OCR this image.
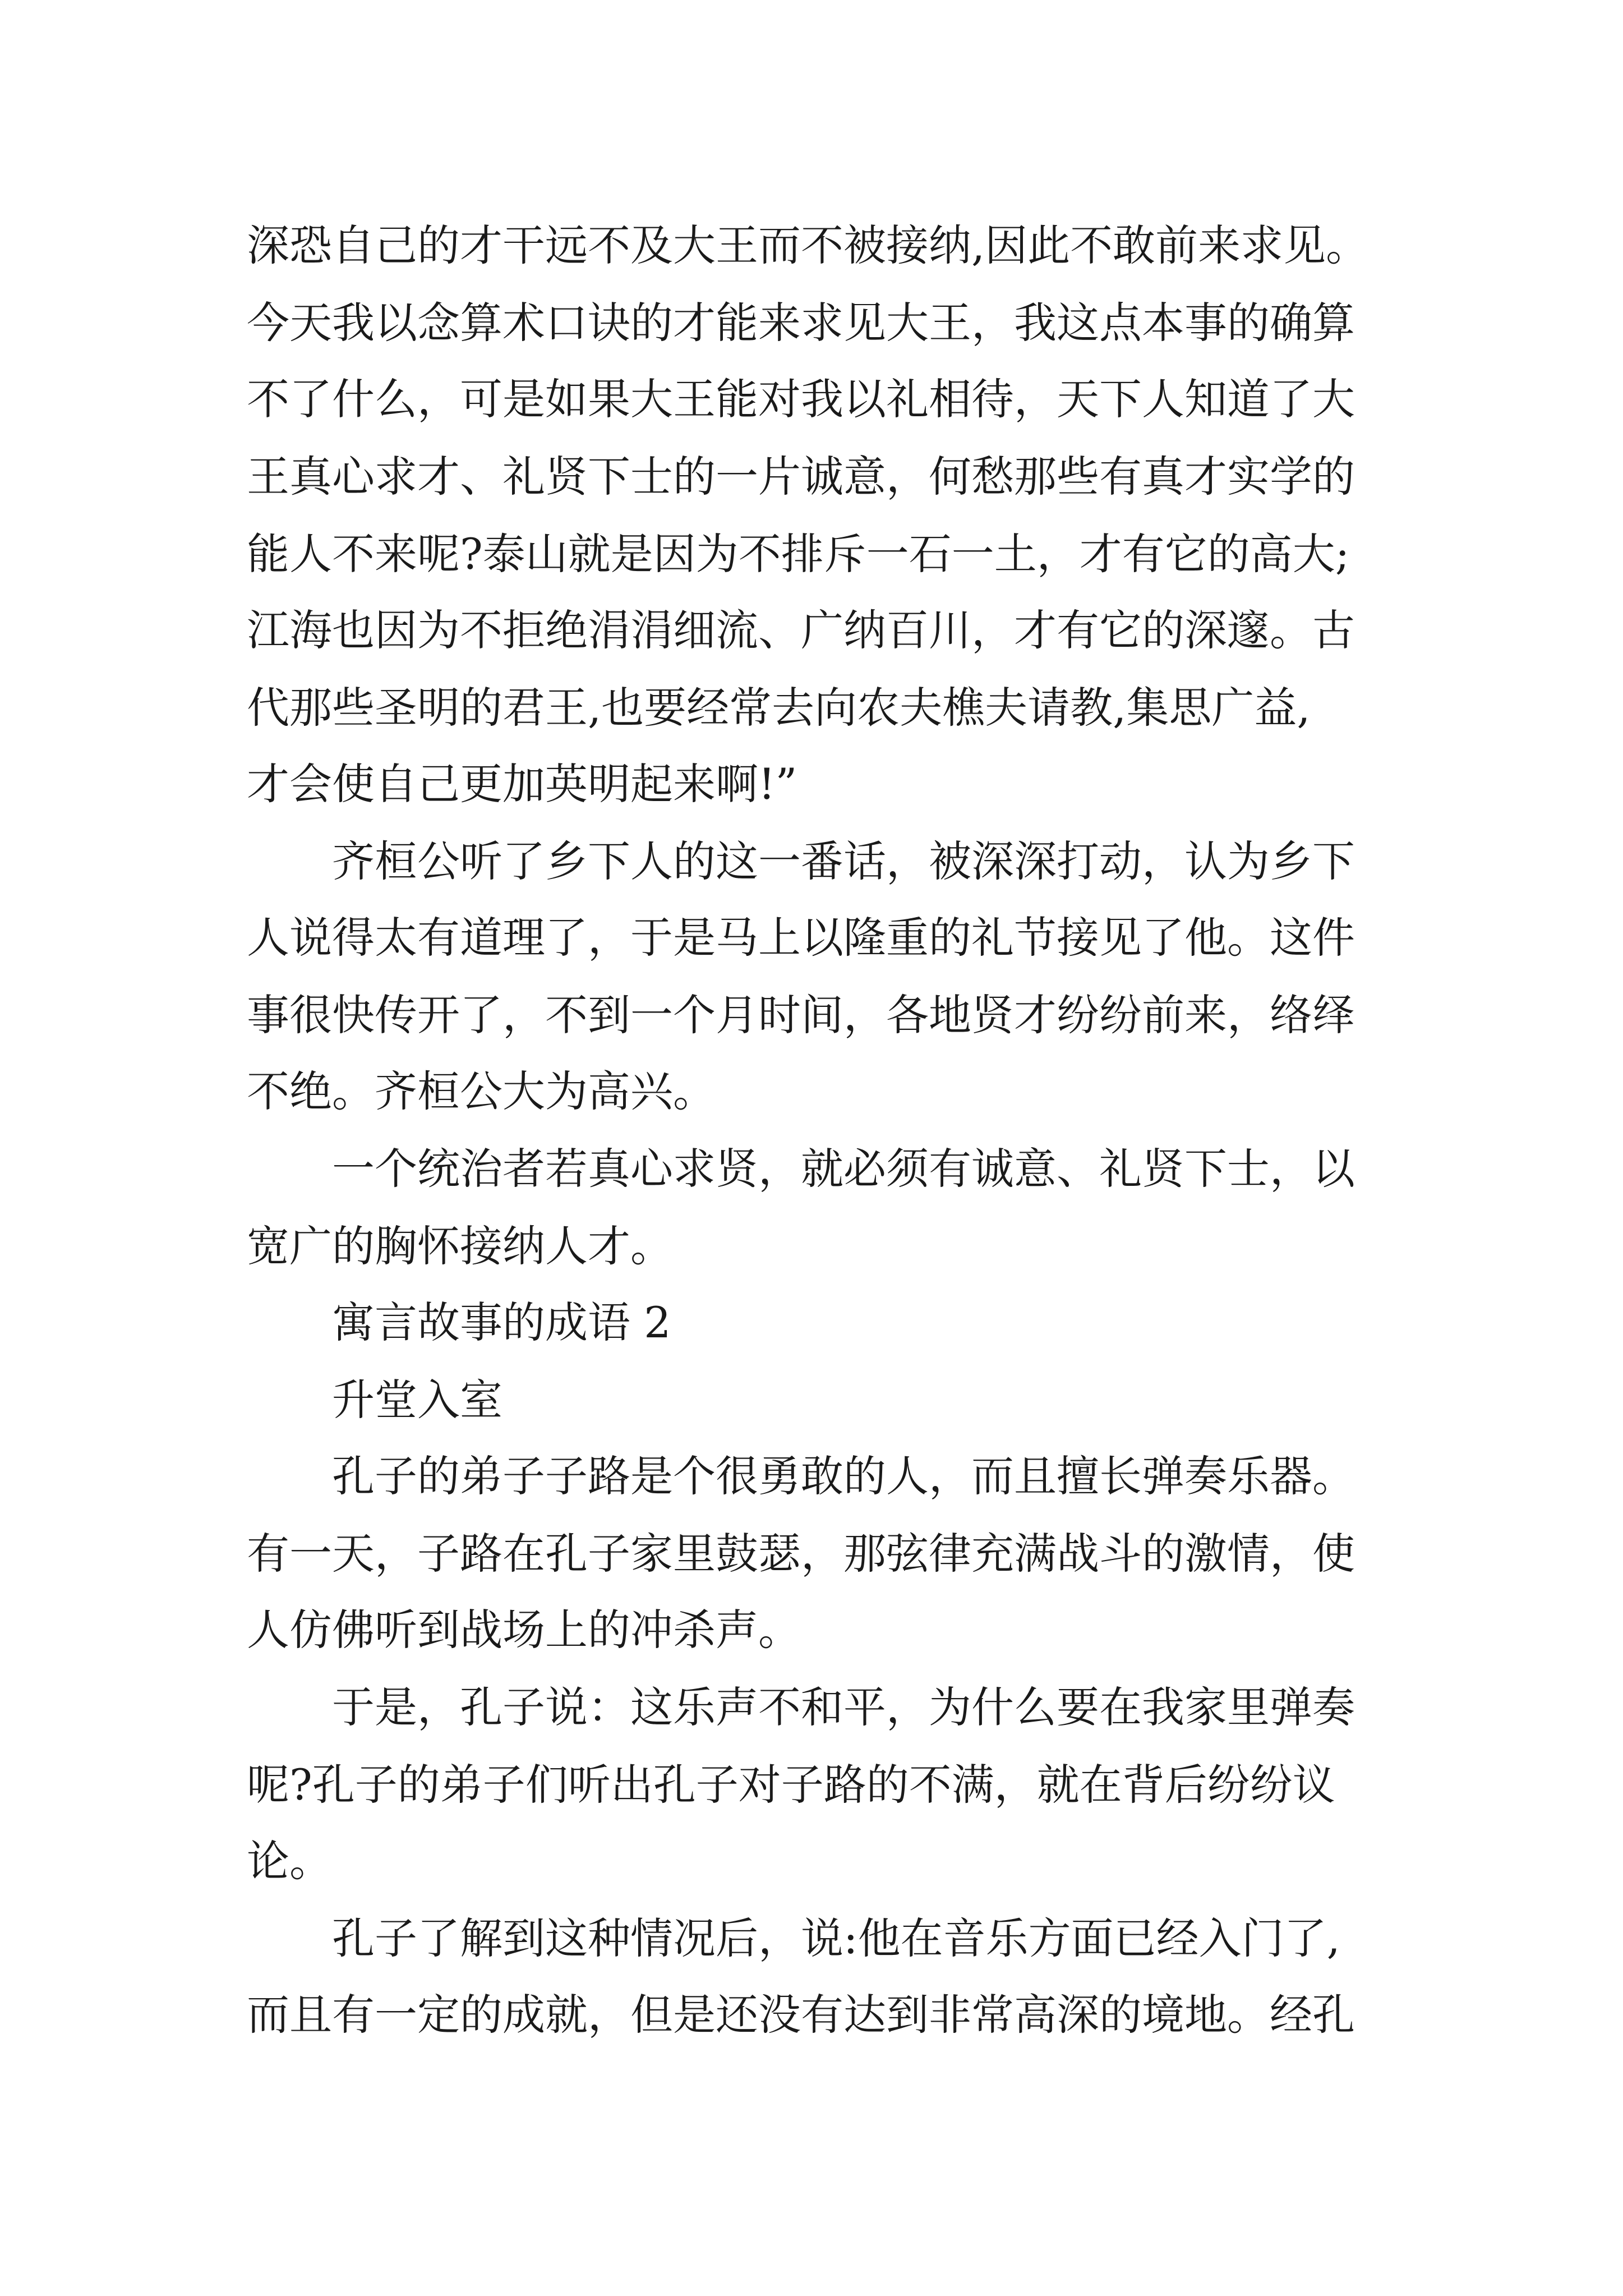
深恐自己的才干远不及大王而不被接纳,因此不敢前来求见。
今天我以念算术口诀的才能来求见大王，我这点本事的确算
不了什么，可是如果大王能对我以礼相待，天下人知道了大
王真心求才、礼贤下士的一片诚意，何愁那些有真才实学的
能人不来呢?泰山就是因为不排斥一石一土，才有它的高大;
江海也因为不拒绝涓涓细流、广纳百川，才有它的深邃。古
代那些圣明的君王,也要经常去向农夫樵夫请教,集思广益,
才会使自己更加英明起来啊!”
齐桓公听了乡下人的这一番话，被深深打动，认为乡下
人说得太有道理了，于是马上以隆重的礼节接见了他。这件
事很快传开了，不到一个月时间，各地贤才纷纷前来，络绎
不绝。齐桓公大为高兴。
一个统治者若真心求贤，就必须有诚意、礼贤下士，以
宽广的胸怀接纳人才。
寓言故事的成语 2
升堂入室
孔子的弟子子路是个很勇敢的人，而且擅长弹奏乐器。
有一天，子路在孔子家里鼓瑟，那弦律充满战斗的激情，使
人仿佛听到战场上的冲杀声。
于是，孔子说：这乐声不和平，为什么要在我家里弹奏
呢?孔子的弟子们听出孔子对子路的不满，就在背后纷纷议
论。
孔子了解到这种情况后，说:他在音乐方面已经入门了,
而且有一定的成就，但是还没有达到非常高深的境地。经孔
